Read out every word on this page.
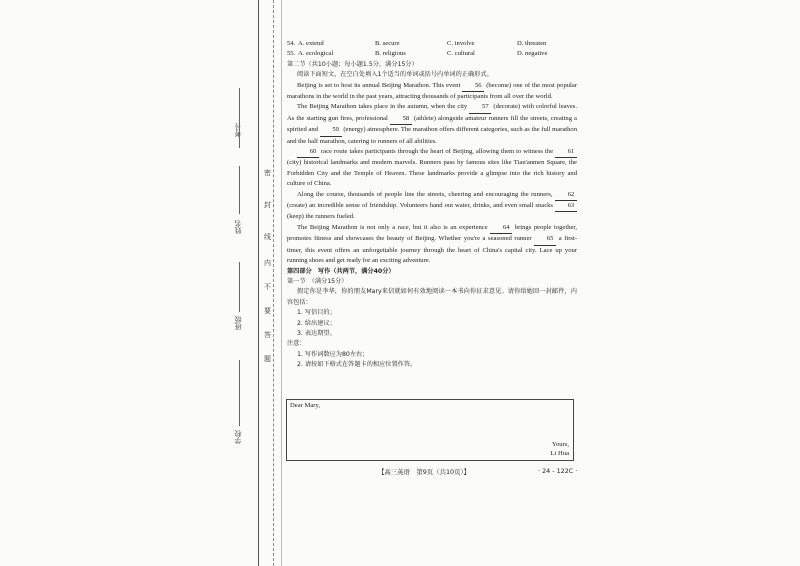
考号
姓名
班级
学校
密
封
线
内
不
要
答
题
54. A. extend	B. secure	C. involve	D. threaten
55. A. ecological	B. religious	C. cultural	D. negative

第二节（共10小题；每小题1.5分，满分15分）

阅读下面短文，在空白处填入1个适当的单词或括号内单词的正确形式。

Beijing is set to host its annual Beijing Marathon. This event 56 (become) one of the most popular marathons in the world in the past years, attracting thousands of participants from all over the world.

The Beijing Marathon takes place in the autumn, when the city 57 (decorate) with colorful leaves. As the starting gun fires, professional 58 (athlete) alongside amateur runners fill the streets, creating a spirited and 59 (energy) atmosphere. The marathon offers different categories, such as the full marathon and the half marathon, catering to runners of all abilities.

60 race route takes participants through the heart of Beijing, allowing them to witness the 61 (city) historical landmarks and modern marvels. Runners pass by famous sites like Tian'anmen Square, the Forbidden City and the Temple of Heaven. These landmarks provide a glimpse into the rich history and culture of China.

Along the course, thousands of people line the streets, cheering and encouraging the runners, 62 (create) an incredible sense of friendship. Volunteers hand out water, drinks, and even small snacks 63 (keep) the runners fueled.

The Beijing Marathon is not only a race, but it also is an experience 64 brings people together, promotes fitness and showcases the beauty of Beijing. Whether you're a seasoned runner 65 a first-timer, this event offers an unforgettable journey through the heart of China's capital city. Lace up your running shoes and get ready for an exciting adventure.

第四部分　写作（共两节，满分40分）

第一节　（满分15分）

假定你是李华，你的朋友Mary来信就如何有效地阅读一本书向你征求意见。请你给她回一封邮件，内容包括：

1. 写信目的；

2. 给出建议；

3. 表达期望。

注意：

1. 写作词数应为80左右；

2. 请按如下格式在答题卡的相应位置作答。

Dear Mary,
Yours,
Li Hua
【高三英语　第9页（共10页）】	· 24 - 122C ·
